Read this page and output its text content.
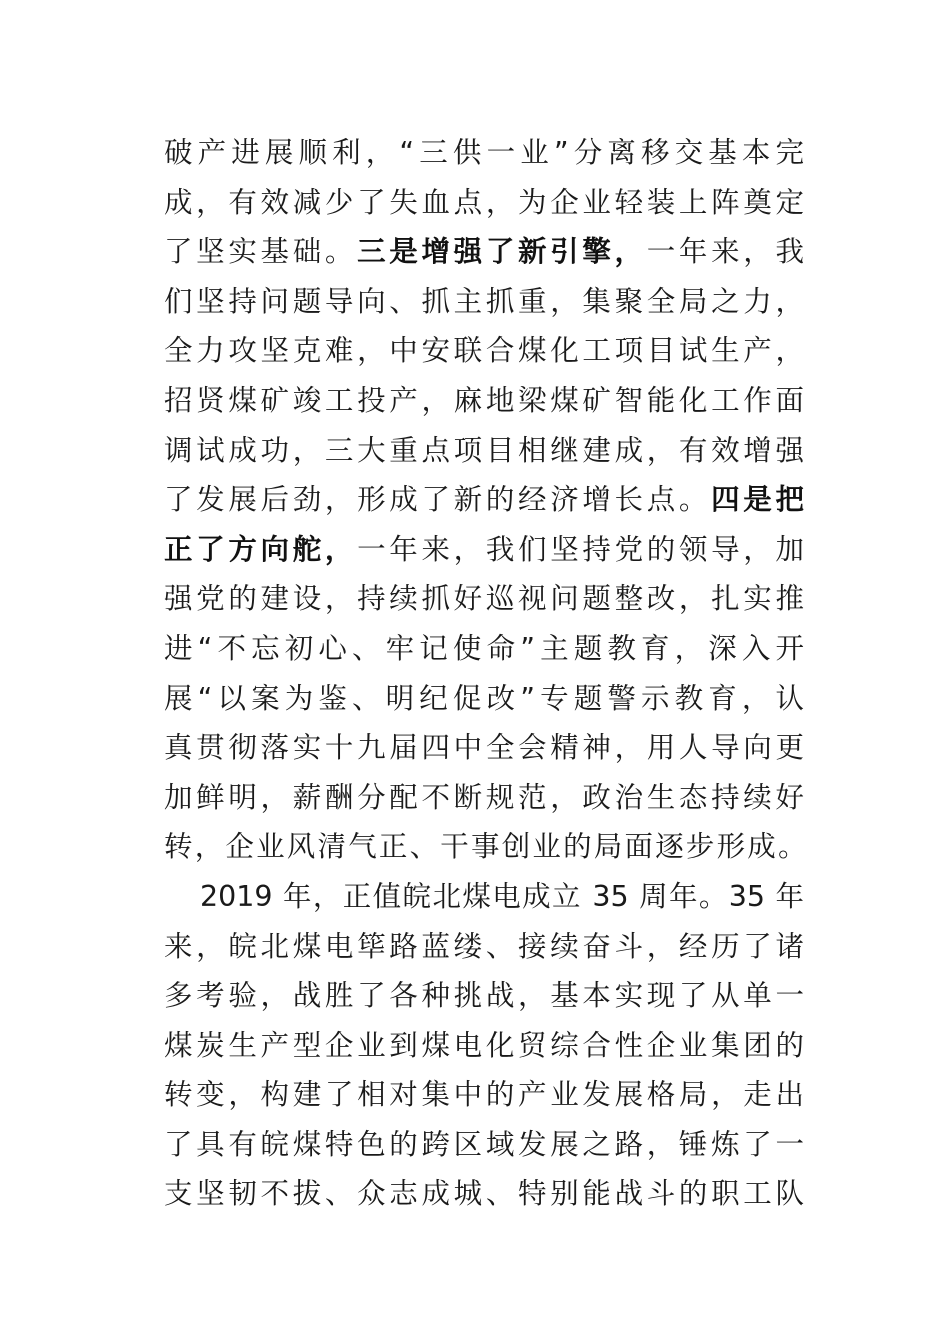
破产进展顺利，“三供一业”分离移交基本完
成，有效减少了失血点，为企业轻装上阵奠定
了坚实基础。三是增强了新引擎，一年来，我
们坚持问题导向、抓主抓重，集聚全局之力，
全力攻坚克难，中安联合煤化工项目试生产，
招贤煤矿竣工投产，麻地梁煤矿智能化工作面
调试成功，三大重点项目相继建成，有效增强
了发展后劲，形成了新的经济增长点。四是把
正了方向舵，一年来，我们坚持党的领导，加
强党的建设，持续抓好巡视问题整改，扎实推
进“不忘初心、牢记使命”主题教育，深入开
展“以案为鉴、明纪促改”专题警示教育，认
真贯彻落实十九届四中全会精神，用人导向更
加鲜明，薪酬分配不断规范，政治生态持续好
转，企业风清气正、干事创业的局面逐步形成。
2019 年，正值皖北煤电成立 35 周年。35 年
来，皖北煤电筚路蓝缕、接续奋斗，经历了诸
多考验，战胜了各种挑战，基本实现了从单一
煤炭生产型企业到煤电化贸综合性企业集团的
转变，构建了相对集中的产业发展格局，走出
了具有皖煤特色的跨区域发展之路，锤炼了一
支坚韧不拔、众志成城、特别能战斗的职工队
